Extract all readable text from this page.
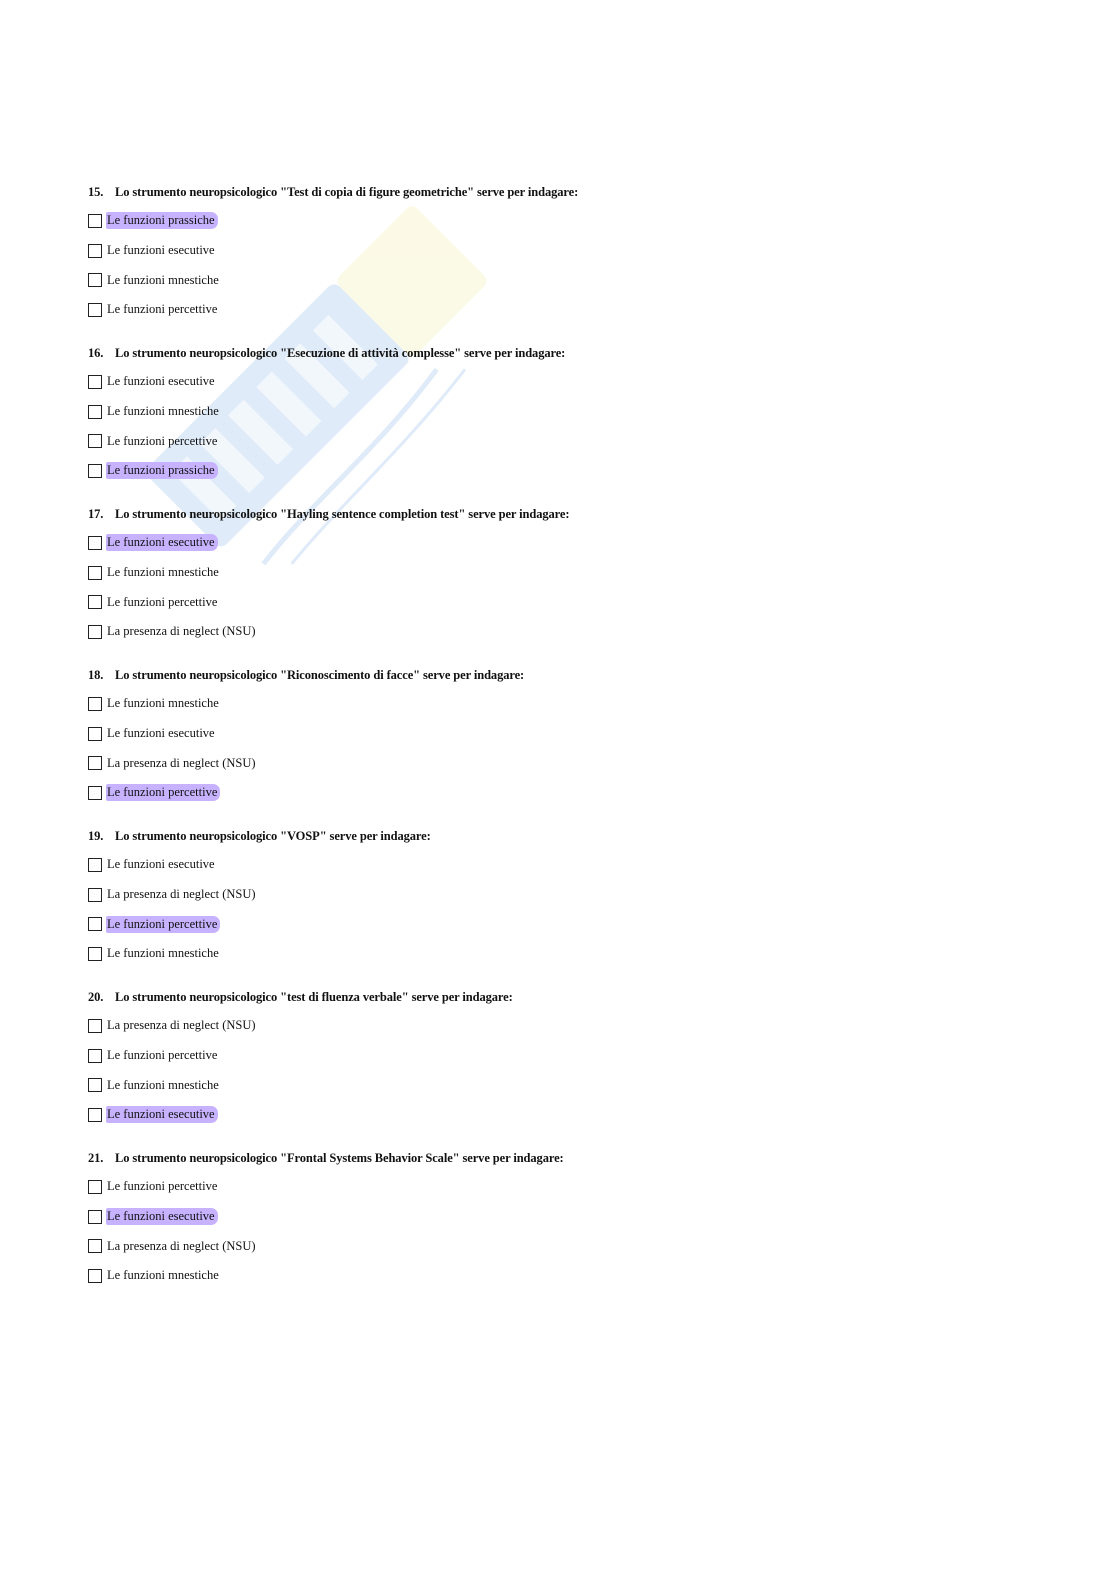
15. Lo strumento neuropsicologico "Test di copia di figure geometriche" serve per indagare:
Le funzioni prassiche
Le funzioni esecutive
Le funzioni mnestiche
Le funzioni percettive
16. Lo strumento neuropsicologico "Esecuzione di attività complesse" serve per indagare:
Le funzioni esecutive
Le funzioni mnestiche
Le funzioni percettive
Le funzioni prassiche
17. Lo strumento neuropsicologico "Hayling sentence completion test" serve per indagare:
Le funzioni esecutive
Le funzioni mnestiche
Le funzioni percettive
La presenza di neglect (NSU)
18. Lo strumento neuropsicologico "Riconoscimento di facce" serve per indagare:
Le funzioni mnestiche
Le funzioni esecutive
La presenza di neglect (NSU)
Le funzioni percettive
19. Lo strumento neuropsicologico "VOSP" serve per indagare:
Le funzioni esecutive
La presenza di neglect (NSU)
Le funzioni percettive
Le funzioni mnestiche
20. Lo strumento neuropsicologico "test di fluenza verbale" serve per indagare:
La presenza di neglect (NSU)
Le funzioni percettive
Le funzioni mnestiche
Le funzioni esecutive
21. Lo strumento neuropsicologico "Frontal Systems Behavior Scale" serve per indagare:
Le funzioni percettive
Le funzioni esecutive
La presenza di neglect (NSU)
Le funzioni mnestiche
